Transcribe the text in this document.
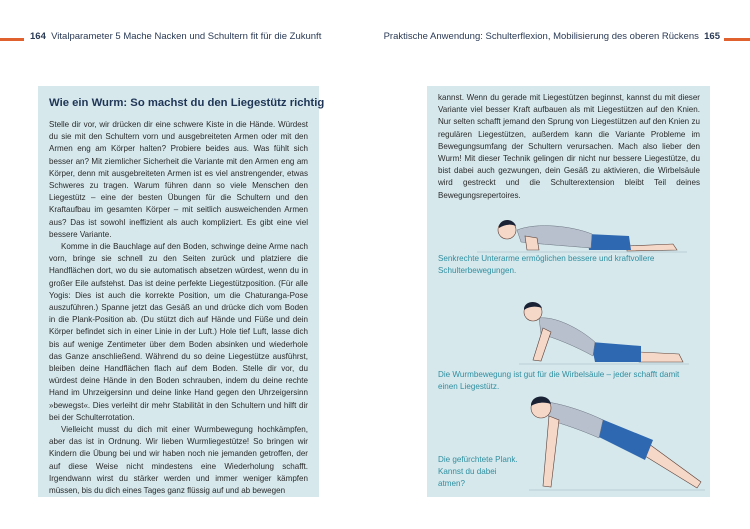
164 Vitalparameter 5 Mache Nacken und Schultern fit für die Zukunft	Praktische Anwendung: Schulterflexion, Mobilisierung des oberen Rückens 165
Wie ein Wurm: So machst du den Liegestütz richtig

Stelle dir vor, wir drücken dir eine schwere Kiste in die Hände. Würdest du sie mit den Schultern vorn und ausgebreiteten Armen oder mit den Armen eng am Körper halten? Probiere beides aus. Was fühlt sich besser an? Mit ziemlicher Sicherheit die Variante mit den Armen eng am Körper, denn mit ausgebreiteten Armen ist es viel anstrengender, etwas Schweres zu tragen. Warum führen dann so viele Menschen den Liegestütz – eine der besten Übungen für die Schultern und den Kraftaufbau im gesamten Körper – mit seitlich ausweichenden Armen aus? Das ist sowohl ineffizient als auch kompliziert. Es gibt eine viel bessere Variante.

Komme in die Bauchlage auf den Boden, schwinge deine Arme nach vorn, bringe sie schnell zu den Seiten zurück und platziere die Handflächen dort, wo du sie automatisch absetzen würdest, wenn du in großer Eile aufstehst. Das ist deine perfekte Liegestützposition. (Für alle Yogis: Dies ist auch die korrekte Position, um die Chaturanga-Pose auszuführen.) Spanne jetzt das Gesäß an und drücke dich vom Boden in die Plank-Position ab. (Du stützt dich auf Hände und Füße und dein Körper befindet sich in einer Linie in der Luft.) Hole tief Luft, lasse dich bis auf wenige Zentimeter über dem Boden absinken und wiederhole das Ganze anschließend. Während du so deine Liegestütze ausführst, bleiben deine Handflächen flach auf dem Boden. Stelle dir vor, du würdest deine Hände in den Boden schrauben, indem du deine rechte Hand im Uhrzeigersinn und deine linke Hand gegen den Uhrzeigersinn »bewegst«. Dies verleiht dir mehr Stabilität in den Schultern und hilft dir bei der Schulterrotation.

Vielleicht musst du dich mit einer Wurmbewegung hochkämpfen, aber das ist in Ordnung. Wir lieben Wurmliegestütze! So bringen wir Kindern die Übung bei und wir haben noch nie jemanden getroffen, der auf diese Weise nicht mindestens eine Wiederholung schafft. Irgendwann wirst du stärker werden und immer weniger kämpfen müssen, bis du dich eines Tages ganz flüssig auf und ab bewegen

kannst. Wenn du gerade mit Liegestützen beginnst, kannst du mit dieser Variante viel besser Kraft aufbauen als mit Liegestützen auf den Knien. Nur selten schafft jemand den Sprung von Liegestützen auf den Knien zu regulären Liegestützen, außerdem kann die Variante Probleme im Bewegungsumfang der Schultern verursachen. Mach also lieber den Wurm! Mit dieser Technik gelingen dir nicht nur bessere Liegestütze, du bist dabei auch gezwungen, dein Gesäß zu aktivieren, die Wirbelsäule wird gestreckt und die Schulterextension bleibt Teil deines Bewegungsrepertoires.
Senkrechte Unterarme ermöglichen bessere und kraftvollere Schulterbewegungen.
Die Wurmbewegung ist gut für die Wirbelsäule – jeder schafft damit einen Liegestütz.
Die gefürchtete Plank. Kannst du dabei atmen?
